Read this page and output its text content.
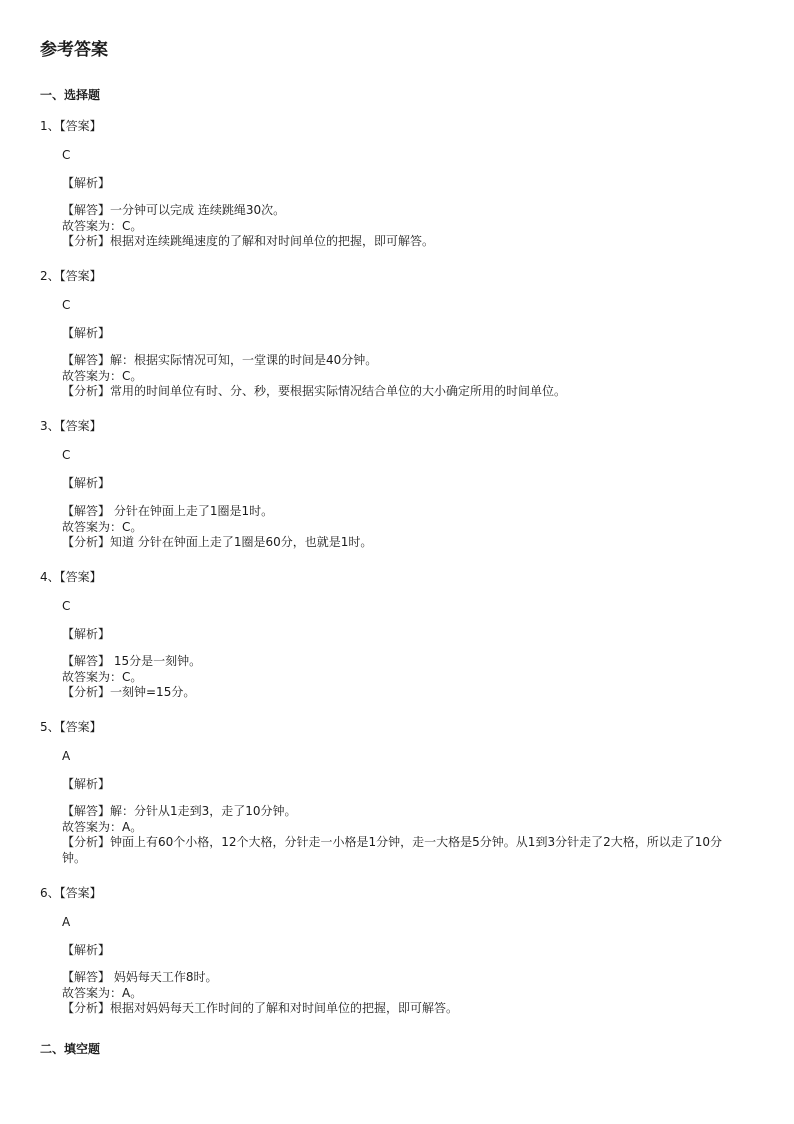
参考答案
一、选择题
1、【答案】
C
【解析】

【解答】一分钟可以完成 连续跳绳30次。

故答案为：C。

【分析】根据对连续跳绳速度的了解和对时间单位的把握，即可解答。

2、【答案】
C
【解析】

【解答】解：根据实际情况可知，一堂课的时间是40分钟。

故答案为：C。

【分析】常用的时间单位有时、分、秒，要根据实际情况结合单位的大小确定所用的时间单位。

3、【答案】
C
【解析】

【解答】 分针在钟面上走了1圈是1时。

故答案为：C。

【分析】知道 分针在钟面上走了1圈是60分，也就是1时。

4、【答案】
C
【解析】

【解答】 15分是一刻钟。

故答案为：C。

【分析】一刻钟=15分。

5、【答案】
A
【解析】

【解答】解：分针从1走到3，走了10分钟。

故答案为：A。

【分析】钟面上有60个小格，12个大格，分针走一小格是1分钟，走一大格是5分钟。从1到3分针走了2大格，所以走了10分钟。

6、【答案】
A
【解析】

【解答】 妈妈每天工作8时。

故答案为：A。

【分析】根据对妈妈每天工作时间的了解和对时间单位的把握，即可解答。

二、填空题
